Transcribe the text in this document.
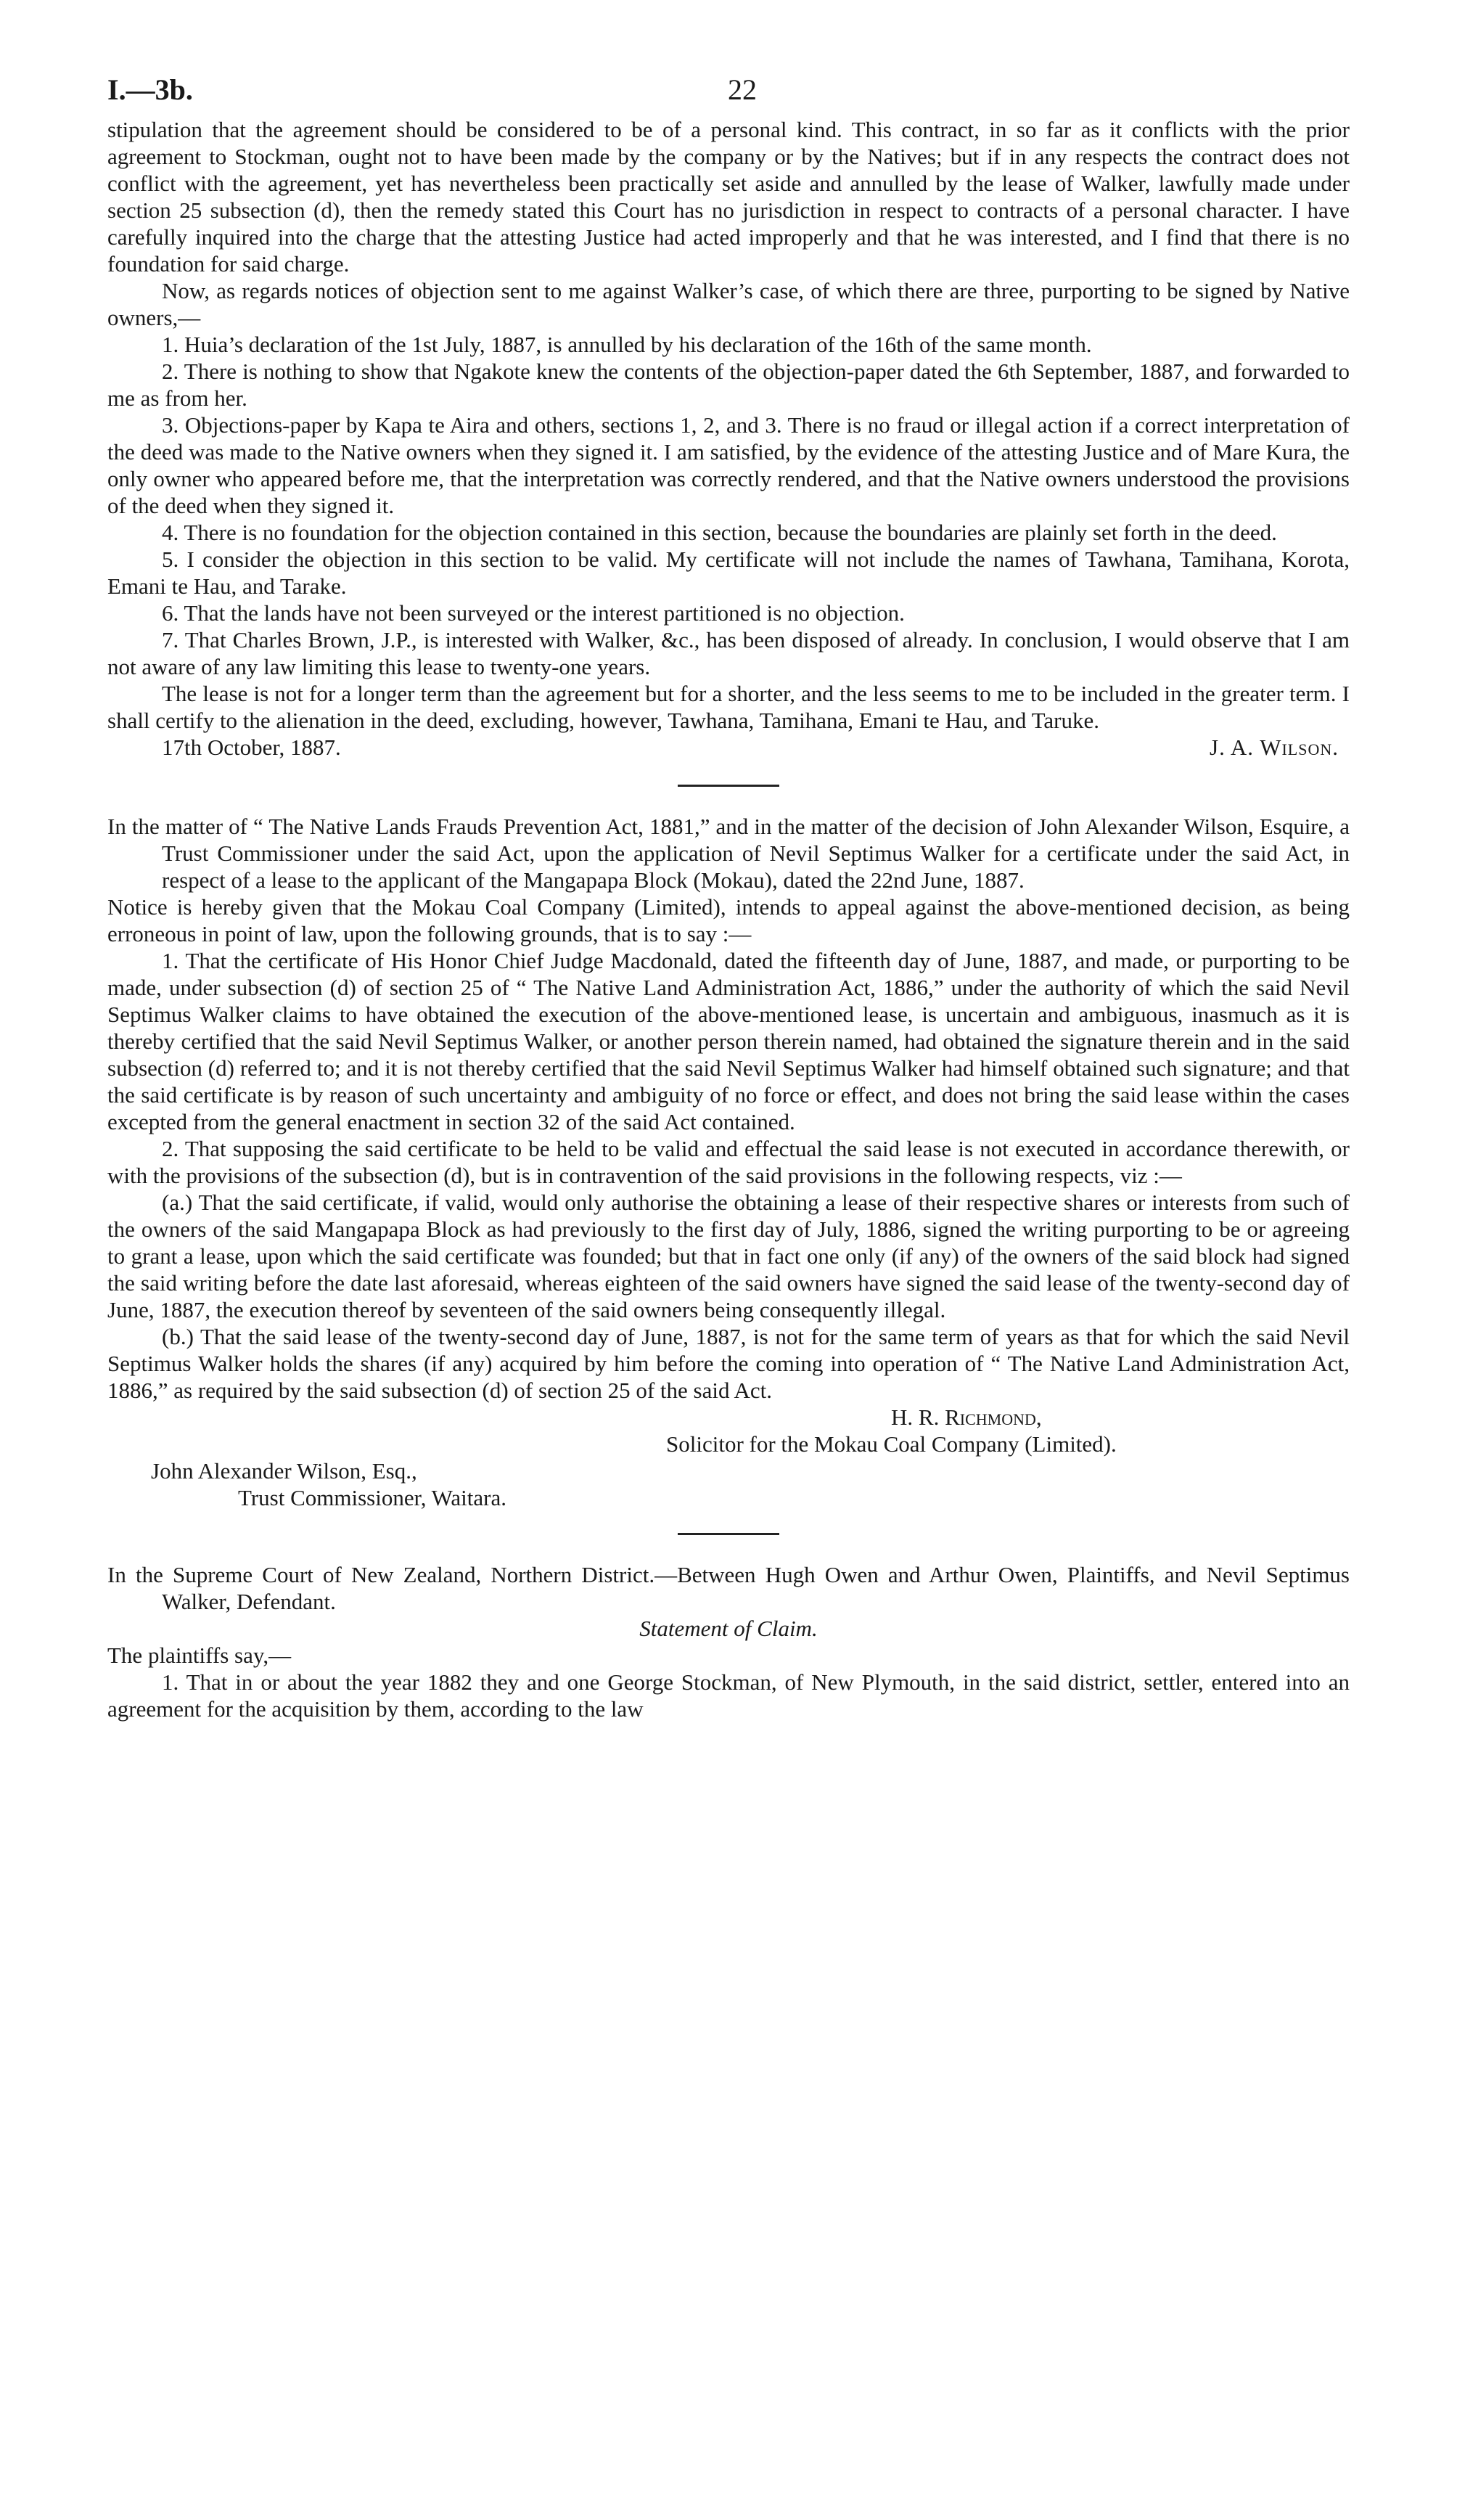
I.—3b.	22

stipulation that the agreement should be considered to be of a personal kind. This contract, in so far as it conflicts with the prior agreement to Stockman, ought not to have been made by the company or by the Natives; but if in any respects the contract does not conflict with the agreement, yet has nevertheless been practically set aside and annulled by the lease of Walker, lawfully made under section 25 subsection (d), then the remedy stated this Court has no jurisdiction in respect to contracts of a personal character. I have carefully inquired into the charge that the attesting Justice had acted improperly and that he was interested, and I find that there is no foundation for said charge.

Now, as regards notices of objection sent to me against Walker’s case, of which there are three, purporting to be signed by Native owners,—

1. Huia’s declaration of the 1st July, 1887, is annulled by his declaration of the 16th of the same month.

2. There is nothing to show that Ngakote knew the contents of the objection-paper dated the 6th September, 1887, and forwarded to me as from her.

3. Objections-paper by Kapa te Aira and others, sections 1, 2, and 3. There is no fraud or illegal action if a correct interpretation of the deed was made to the Native owners when they signed it. I am satisfied, by the evidence of the attesting Justice and of Mare Kura, the only owner who appeared before me, that the interpretation was correctly rendered, and that the Native owners understood the provisions of the deed when they signed it.

4. There is no foundation for the objection contained in this section, because the boundaries are plainly set forth in the deed.

5. I consider the objection in this section to be valid. My certificate will not include the names of Tawhana, Tamihana, Korota, Emani te Hau, and Tarake.

6. That the lands have not been surveyed or the interest partitioned is no objection.

7. That Charles Brown, J.P., is interested with Walker, &c., has been disposed of already. In conclusion, I would observe that I am not aware of any law limiting this lease to twenty-one years.

The lease is not for a longer term than the agreement but for a shorter, and the less seems to me to be included in the greater term. I shall certify to the alienation in the deed, excluding, however, Tawhana, Tamihana, Emani te Hau, and Taruke.

17th October, 1887.	J. A. Wilson.

In the matter of “ The Native Lands Frauds Prevention Act, 1881,” and in the matter of the decision of John Alexander Wilson, Esquire, a Trust Commissioner under the said Act, upon the application of Nevil Septimus Walker for a certificate under the said Act, in respect of a lease to the applicant of the Mangapapa Block (Mokau), dated the 22nd June, 1887.

Notice is hereby given that the Mokau Coal Company (Limited), intends to appeal against the above-mentioned decision, as being erroneous in point of law, upon the following grounds, that is to say :—

1. That the certificate of His Honor Chief Judge Macdonald, dated the fifteenth day of June, 1887, and made, or purporting to be made, under subsection (d) of section 25 of “ The Native Land Administration Act, 1886,” under the authority of which the said Nevil Septimus Walker claims to have obtained the execution of the above-mentioned lease, is uncertain and ambiguous, inasmuch as it is thereby certified that the said Nevil Septimus Walker, or another person therein named, had obtained the signature therein and in the said subsection (d) referred to; and it is not thereby certified that the said Nevil Septimus Walker had himself obtained such signature; and that the said certificate is by reason of such uncertainty and ambiguity of no force or effect, and does not bring the said lease within the cases excepted from the general enactment in section 32 of the said Act contained.

2. That supposing the said certificate to be held to be valid and effectual the said lease is not executed in accordance therewith, or with the provisions of the subsection (d), but is in contravention of the said provisions in the following respects, viz :—

(a.) That the said certificate, if valid, would only authorise the obtaining a lease of their respective shares or interests from such of the owners of the said Mangapapa Block as had previously to the first day of July, 1886, signed the writing purporting to be or agreeing to grant a lease, upon which the said certificate was founded; but that in fact one only (if any) of the owners of the said block had signed the said writing before the date last aforesaid, whereas eighteen of the said owners have signed the said lease of the twenty-second day of June, 1887, the execution thereof by seventeen of the said owners being consequently illegal.

(b.) That the said lease of the twenty-second day of June, 1887, is not for the same term of years as that for which the said Nevil Septimus Walker holds the shares (if any) acquired by him before the coming into operation of “ The Native Land Administration Act, 1886,” as required by the said subsection (d) of section 25 of the said Act.

H. R. Richmond,

Solicitor for the Mokau Coal Company (Limited).

John Alexander Wilson, Esq.,

Trust Commissioner, Waitara.

In the Supreme Court of New Zealand, Northern District.—Between Hugh Owen and Arthur Owen, Plaintiffs, and Nevil Septimus Walker, Defendant.

Statement of Claim.

The plaintiffs say,—

1. That in or about the year 1882 they and one George Stockman, of New Plymouth, in the said district, settler, entered into an agreement for the acquisition by them, according to the law
